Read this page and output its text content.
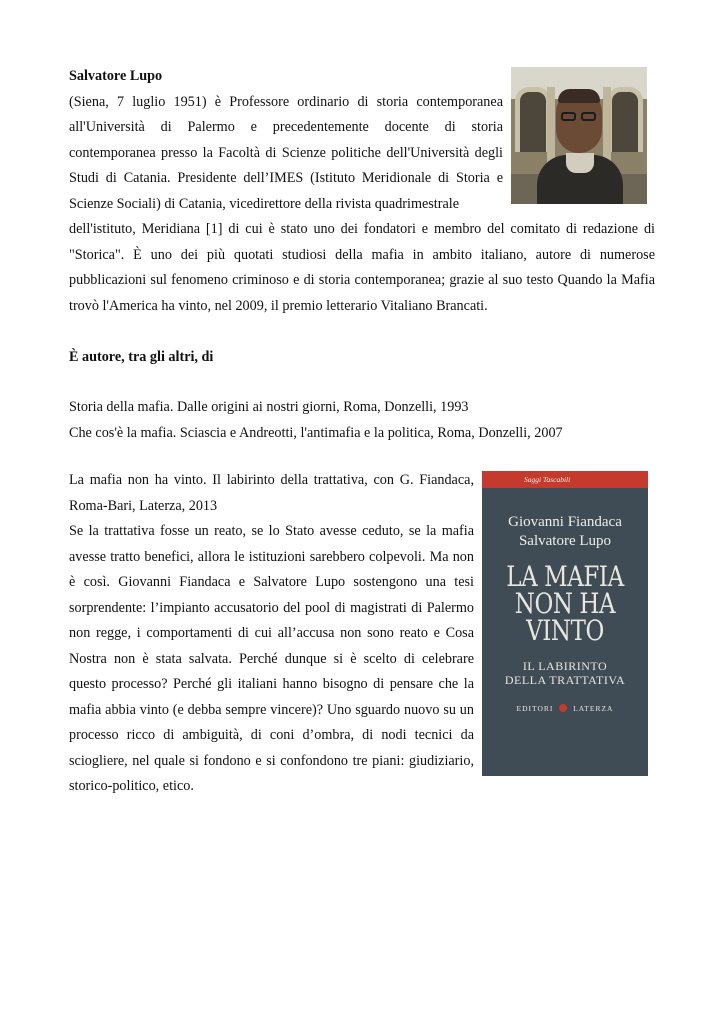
Salvatore Lupo

(Siena, 7 luglio 1951) è Professore ordinario di storia contemporanea all'Università di Palermo e precedentemente docente di storia contemporanea presso la Facoltà di Scienze politiche dell'Università degli Studi di Catania. Presidente dell’IMES (Istituto Meridionale di Storia e Scienze Sociali) di Catania, vicedirettore della rivista quadrimestrale

dell'istituto, Meridiana [1] di cui è stato uno dei fondatori e membro del comitato di redazione di "Storica". È uno dei più quotati studiosi della mafia in ambito italiano, autore di numerose pubblicazioni sul fenomeno criminoso e di storia contemporanea; grazie al suo testo Quando la Mafia trovò l'America ha vinto, nel 2009, il premio letterario Vitaliano Brancati.

È autore, tra gli altri, di

Storia della mafia. Dalle origini ai nostri giorni, Roma, Donzelli, 1993

Che cos'è la mafia. Sciascia e Andreotti, l'antimafia e la politica, Roma, Donzelli, 2007

La mafia non ha vinto. Il labirinto della trattativa, con G. Fiandaca, Roma-Bari, Laterza, 2013

Se la trattativa fosse un reato, se lo Stato avesse ceduto, se la mafia avesse tratto benefici, allora le istituzioni sarebbero colpevoli. Ma non è così. Giovanni Fiandaca e Salvatore Lupo sostengono una tesi sorprendente: l’impianto accusatorio del pool di magistrati di Palermo non regge, i comportamenti di cui all’accusa non sono reato e Cosa Nostra non è stata salvata. Perché dunque si è scelto di celebrare questo processo? Perché gli italiani hanno bisogno di pensare che la mafia abbia vinto (e debba sempre vincere)? Uno sguardo nuovo su un processo ricco di ambiguità, di coni d’ombra, di nodi tecnici da sciogliere, nel quale si fondono e si confondono tre piani: giudiziario, storico-politico, etico.

Saggi Tascabili
Giovanni Fiandaca
Salvatore Lupo
LA MAFIA
NON HA
VINTO
IL LABIRINTO
DELLA TRATTATIVA
EDITORI	LATERZA
